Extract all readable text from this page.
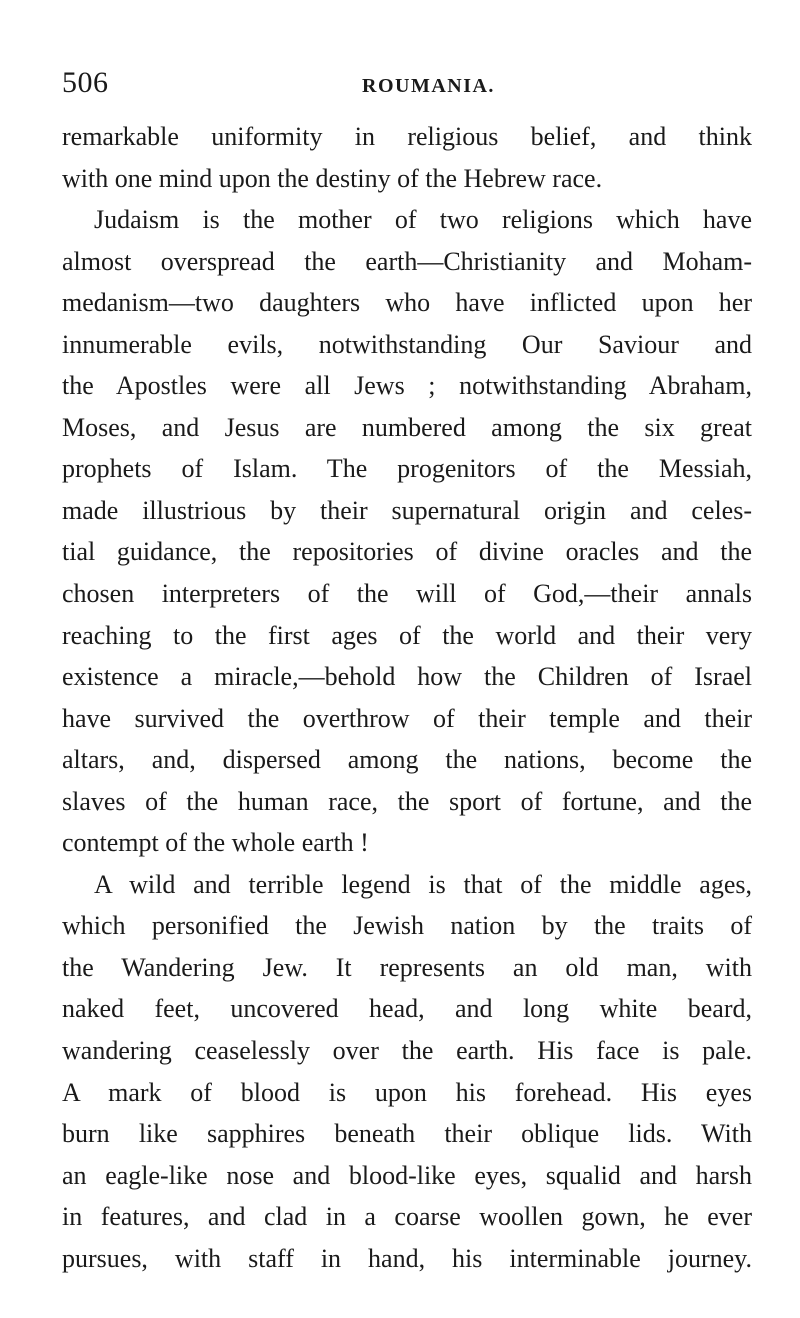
506	ROUMANIA.
remarkable uniformity in religious belief, and think
with one mind upon the destiny of the Hebrew race.
Judaism is the mother of two religions which have
almost overspread the earth—Christianity and Moham-
medanism—two daughters who have inflicted upon her
innumerable evils, notwithstanding Our Saviour and
the Apostles were all Jews ; notwithstanding Abraham,
Moses, and Jesus are numbered among the six great
prophets of Islam. The progenitors of the Messiah,
made illustrious by their supernatural origin and celes-
tial guidance, the repositories of divine oracles and the
chosen interpreters of the will of God,—their annals
reaching to the first ages of the world and their very
existence a miracle,—behold how the Children of Israel
have survived the overthrow of their temple and their
altars, and, dispersed among the nations, become the
slaves of the human race, the sport of fortune, and the
contempt of the whole earth !
A wild and terrible legend is that of the middle ages,
which personified the Jewish nation by the traits of
the Wandering Jew. It represents an old man, with
naked feet, uncovered head, and long white beard,
wandering ceaselessly over the earth. His face is pale.
A mark of blood is upon his forehead. His eyes
burn like sapphires beneath their oblique lids. With
an eagle-like nose and blood-like eyes, squalid and harsh
in features, and clad in a coarse woollen gown, he ever
pursues, with staff in hand, his interminable journey.
